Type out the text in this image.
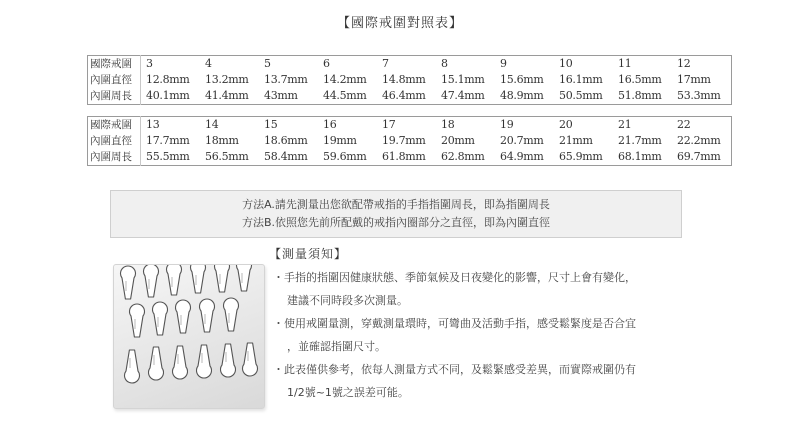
【國際戒圍對照表】
國際戒圍	3	4	5	6	7	8	9	10	11	12
內圍直徑	12.8mm	13.2mm	13.7mm	14.2mm	14.8mm	15.1mm	15.6mm	16.1mm	16.5mm	17mm
內圍周長	40.1mm	41.4mm	43mm	44.5mm	46.4mm	47.4mm	48.9mm	50.5mm	51.8mm	53.3mm
國際戒圍	13	14	15	16	17	18	19	20	21	22
內圍直徑	17.7mm	18mm	18.6mm	19mm	19.7mm	20mm	20.7mm	21mm	21.7mm	22.2mm
內圍周長	55.5mm	56.5mm	58.4mm	59.6mm	61.8mm	62.8mm	64.9mm	65.9mm	68.1mm	69.7mm
方法A.請先測量出您欲配帶戒指的手指指圍周長，即為指圍周長
方法B.依照您先前所配戴的戒指內圈部分之直徑，即為內圍直徑
【測量須知】
・手指的指圍因健康狀態、季節氣候及日夜變化的影響，尺寸上會有變化，
建議不同時段多次測量。
・使用戒圍量測，穿戴測量環時，可彎曲及活動手指，感受鬆緊度是否合宜
，並確認指圍尺寸。
・此表僅供參考，依每人測量方式不同，及鬆緊感受差異，而實際戒圍仍有
1/2號~1號之誤差可能。
